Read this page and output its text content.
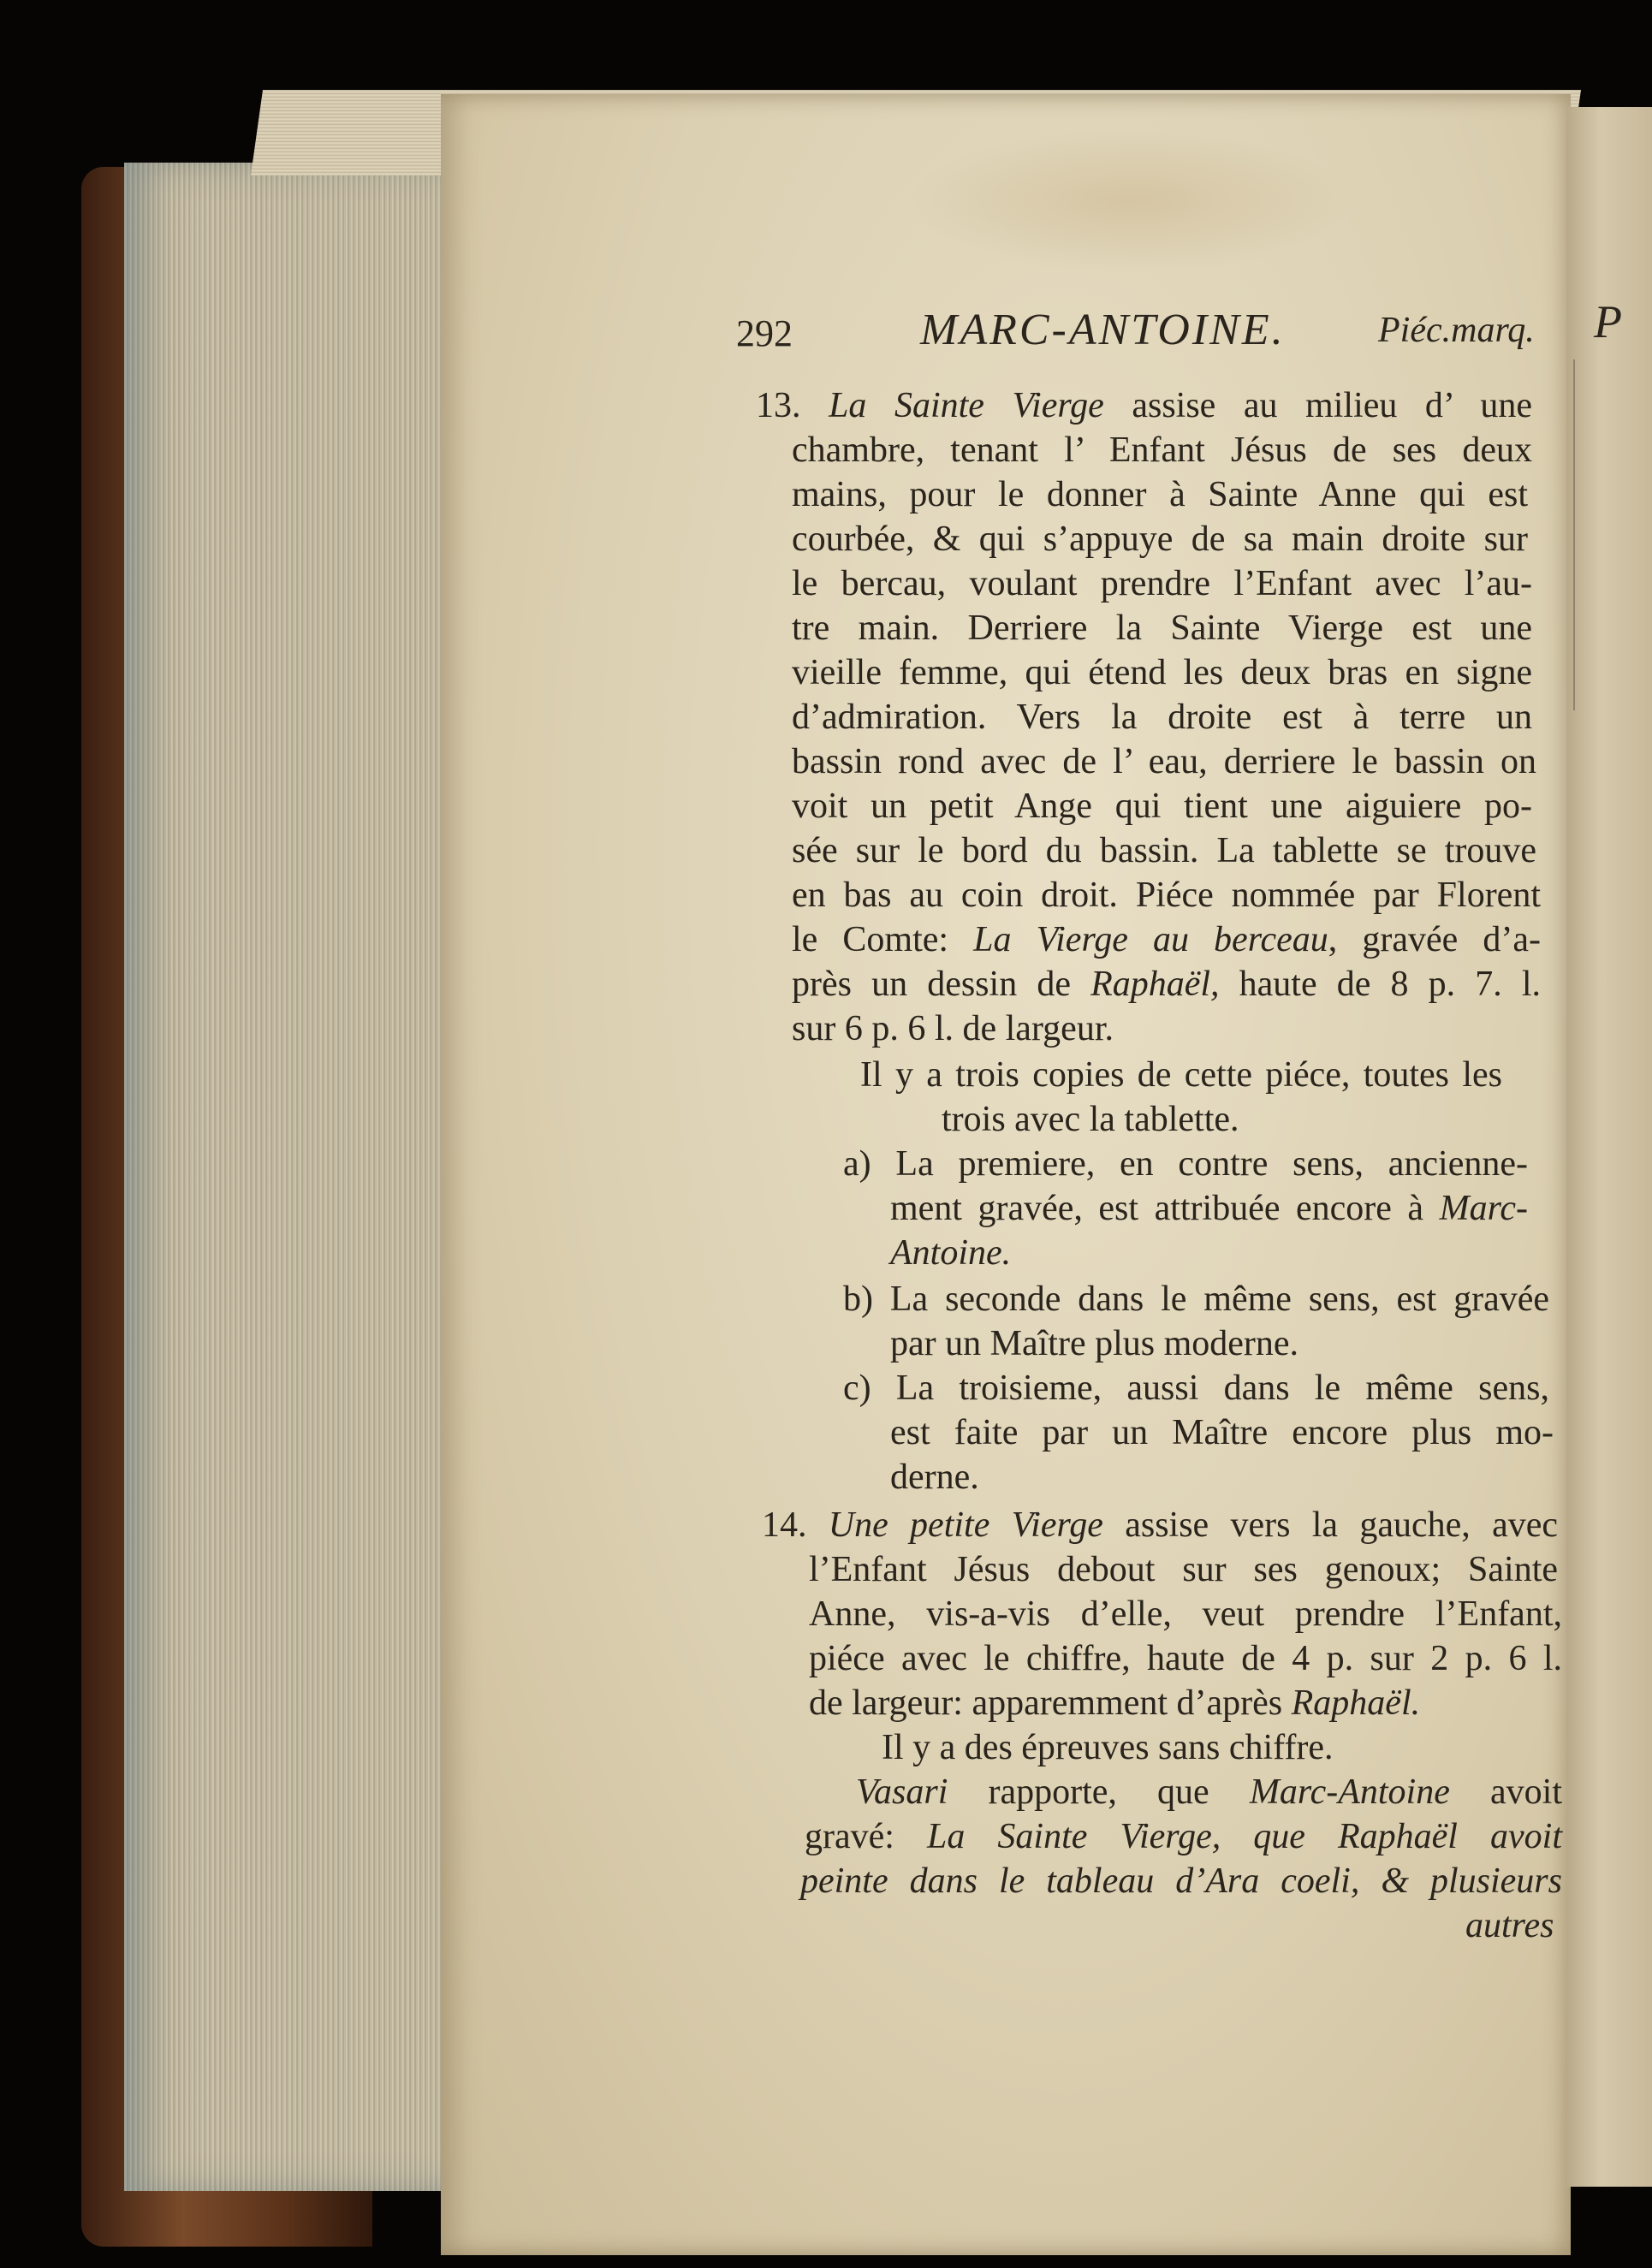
P
292	MARC-ANTOINE.	Piéc.marq.
13. La Sainte Vierge assise au milieu d’ une
chambre, tenant l’ Enfant Jésus de ses deux
mains, pour le donner à Sainte Anne qui est
courbée, & qui s’appuye de sa main droite sur
le bercau, voulant prendre l’Enfant avec l’au-
tre main. Derriere la Sainte Vierge est une
vieille femme, qui étend les deux bras en signe
d’admiration. Vers la droite est à terre un
bassin rond avec de l’ eau, derriere le bassin on
voit un petit Ange qui tient une aiguiere po-
sée sur le bord du bassin. La tablette se trouve
en bas au coin droit. Piéce nommée par Florent
le Comte: La Vierge au berceau, gravée d’a-
près un dessin de Raphaël, haute de 8 p. 7. l.
sur 6 p. 6 l. de largeur.
Il y a trois copies de cette piéce, toutes les
trois avec la tablette.
a) La premiere, en contre sens, ancienne-
ment gravée, est attribuée encore à Marc-
Antoine.
b) La seconde dans le même sens, est gravée
par un Maître plus moderne.
c) La troisieme, aussi dans le même sens,
est faite par un Maître encore plus mo-
derne.
14. Une petite Vierge assise vers la gauche, avec
l’Enfant Jésus debout sur ses genoux; Sainte
Anne, vis-a-vis d’elle, veut prendre l’Enfant,
piéce avec le chiffre, haute de 4 p. sur 2 p. 6 l.
de largeur: apparemment d’après Raphaël.
Il y a des épreuves sans chiffre.
Vasari rapporte, que Marc-Antoine avoit
gravé: La Sainte Vierge, que Raphaël avoit
peinte dans le tableau d’Ara coeli, & plusieurs
autres
